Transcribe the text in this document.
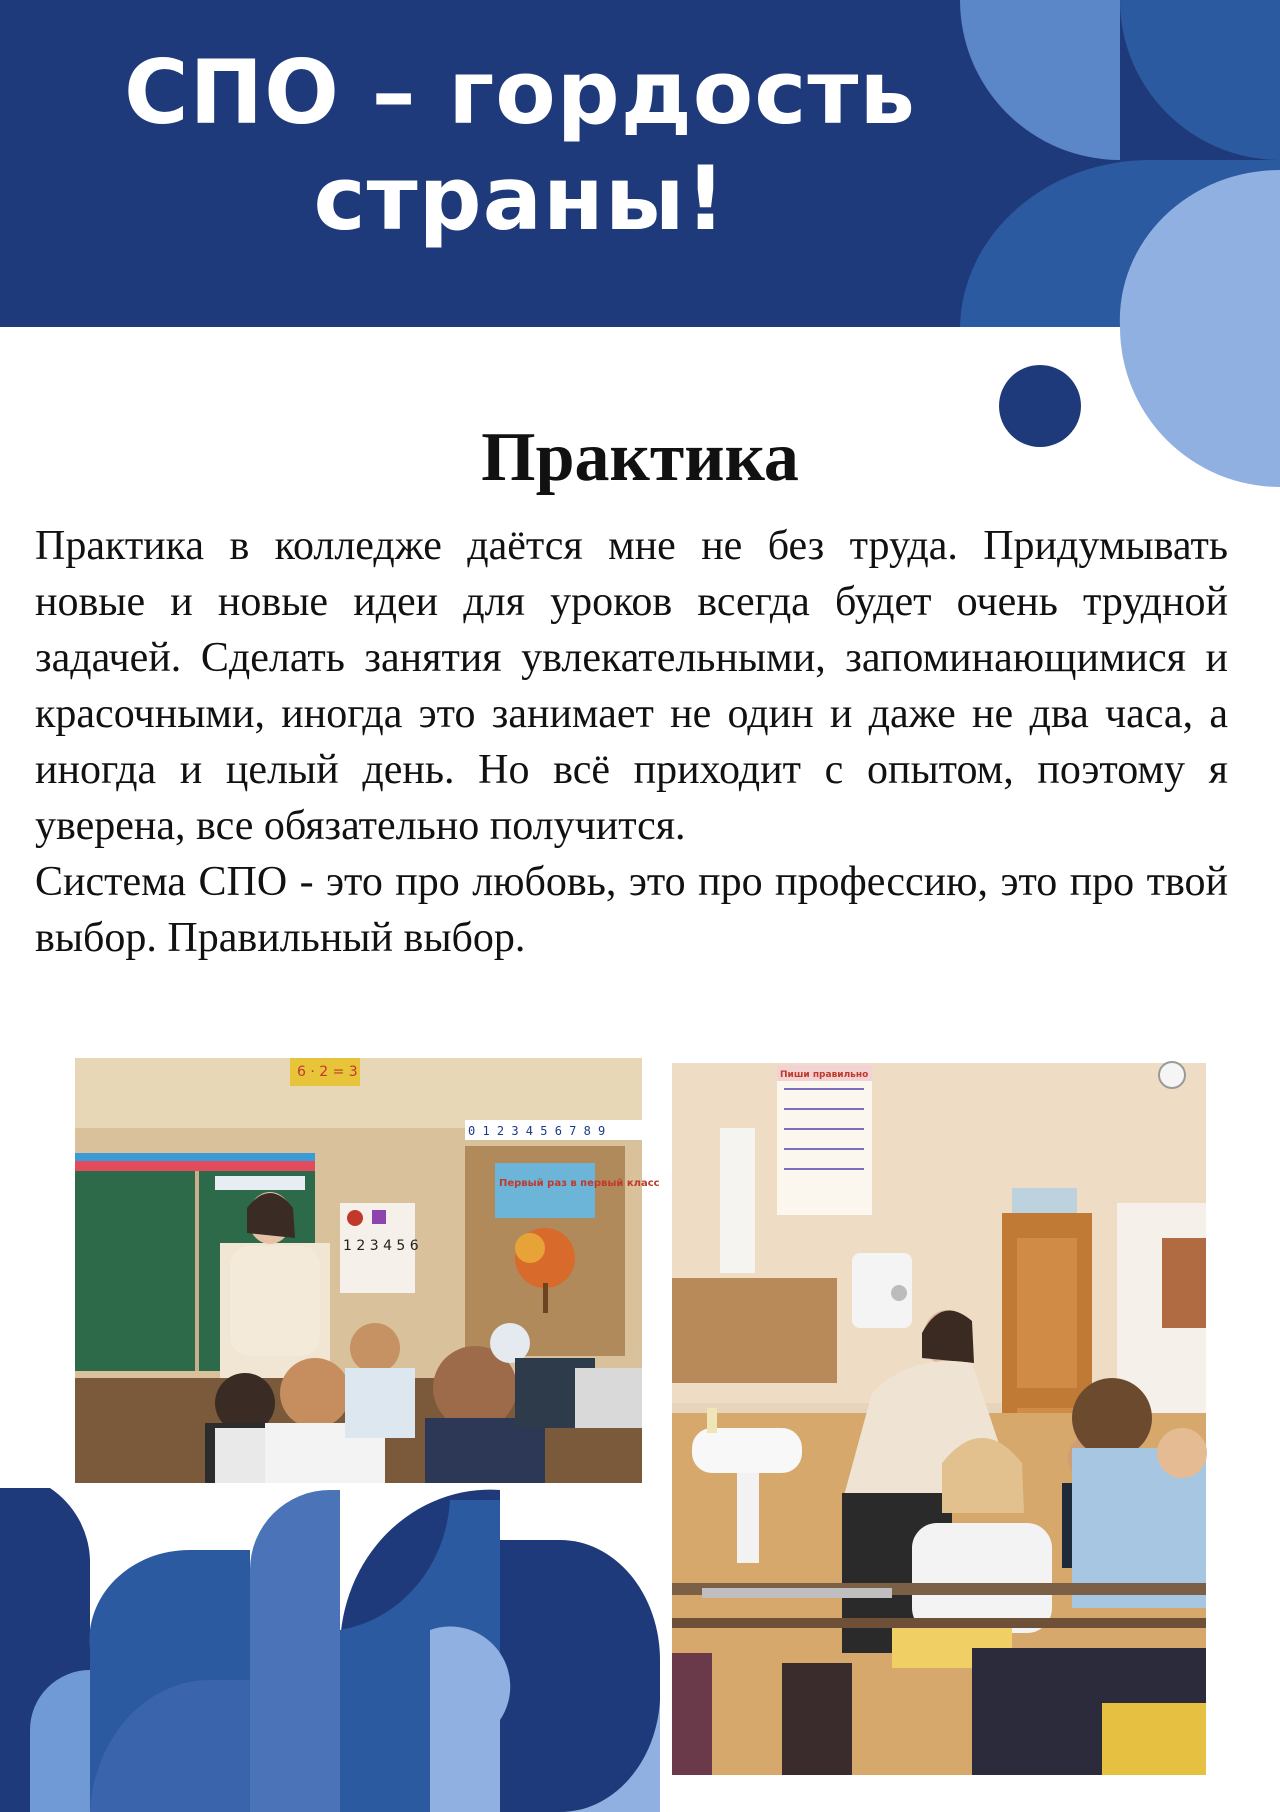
СПО – гордость
страны!
Практика

Практика в колледже даётся мне не без труда. Придумывать новые и новые идеи для уроков всегда будет очень трудной задачей. Сделать занятия увлекательными, запоминающимися и красочными, иногда это занимает не один и даже не два часа, а иногда и целый день. Но всё приходит с опытом, поэтому я уверена, все обязательно получится.

Система СПО - это про любовь, это про профессию, это про твой выбор. Правильный выбор.

6 · 2 = 3
0 1 2 3 4 5 6 7 8 9
1 2 3 4 5 6
Первый раз в первый класс
Пиши правильно
